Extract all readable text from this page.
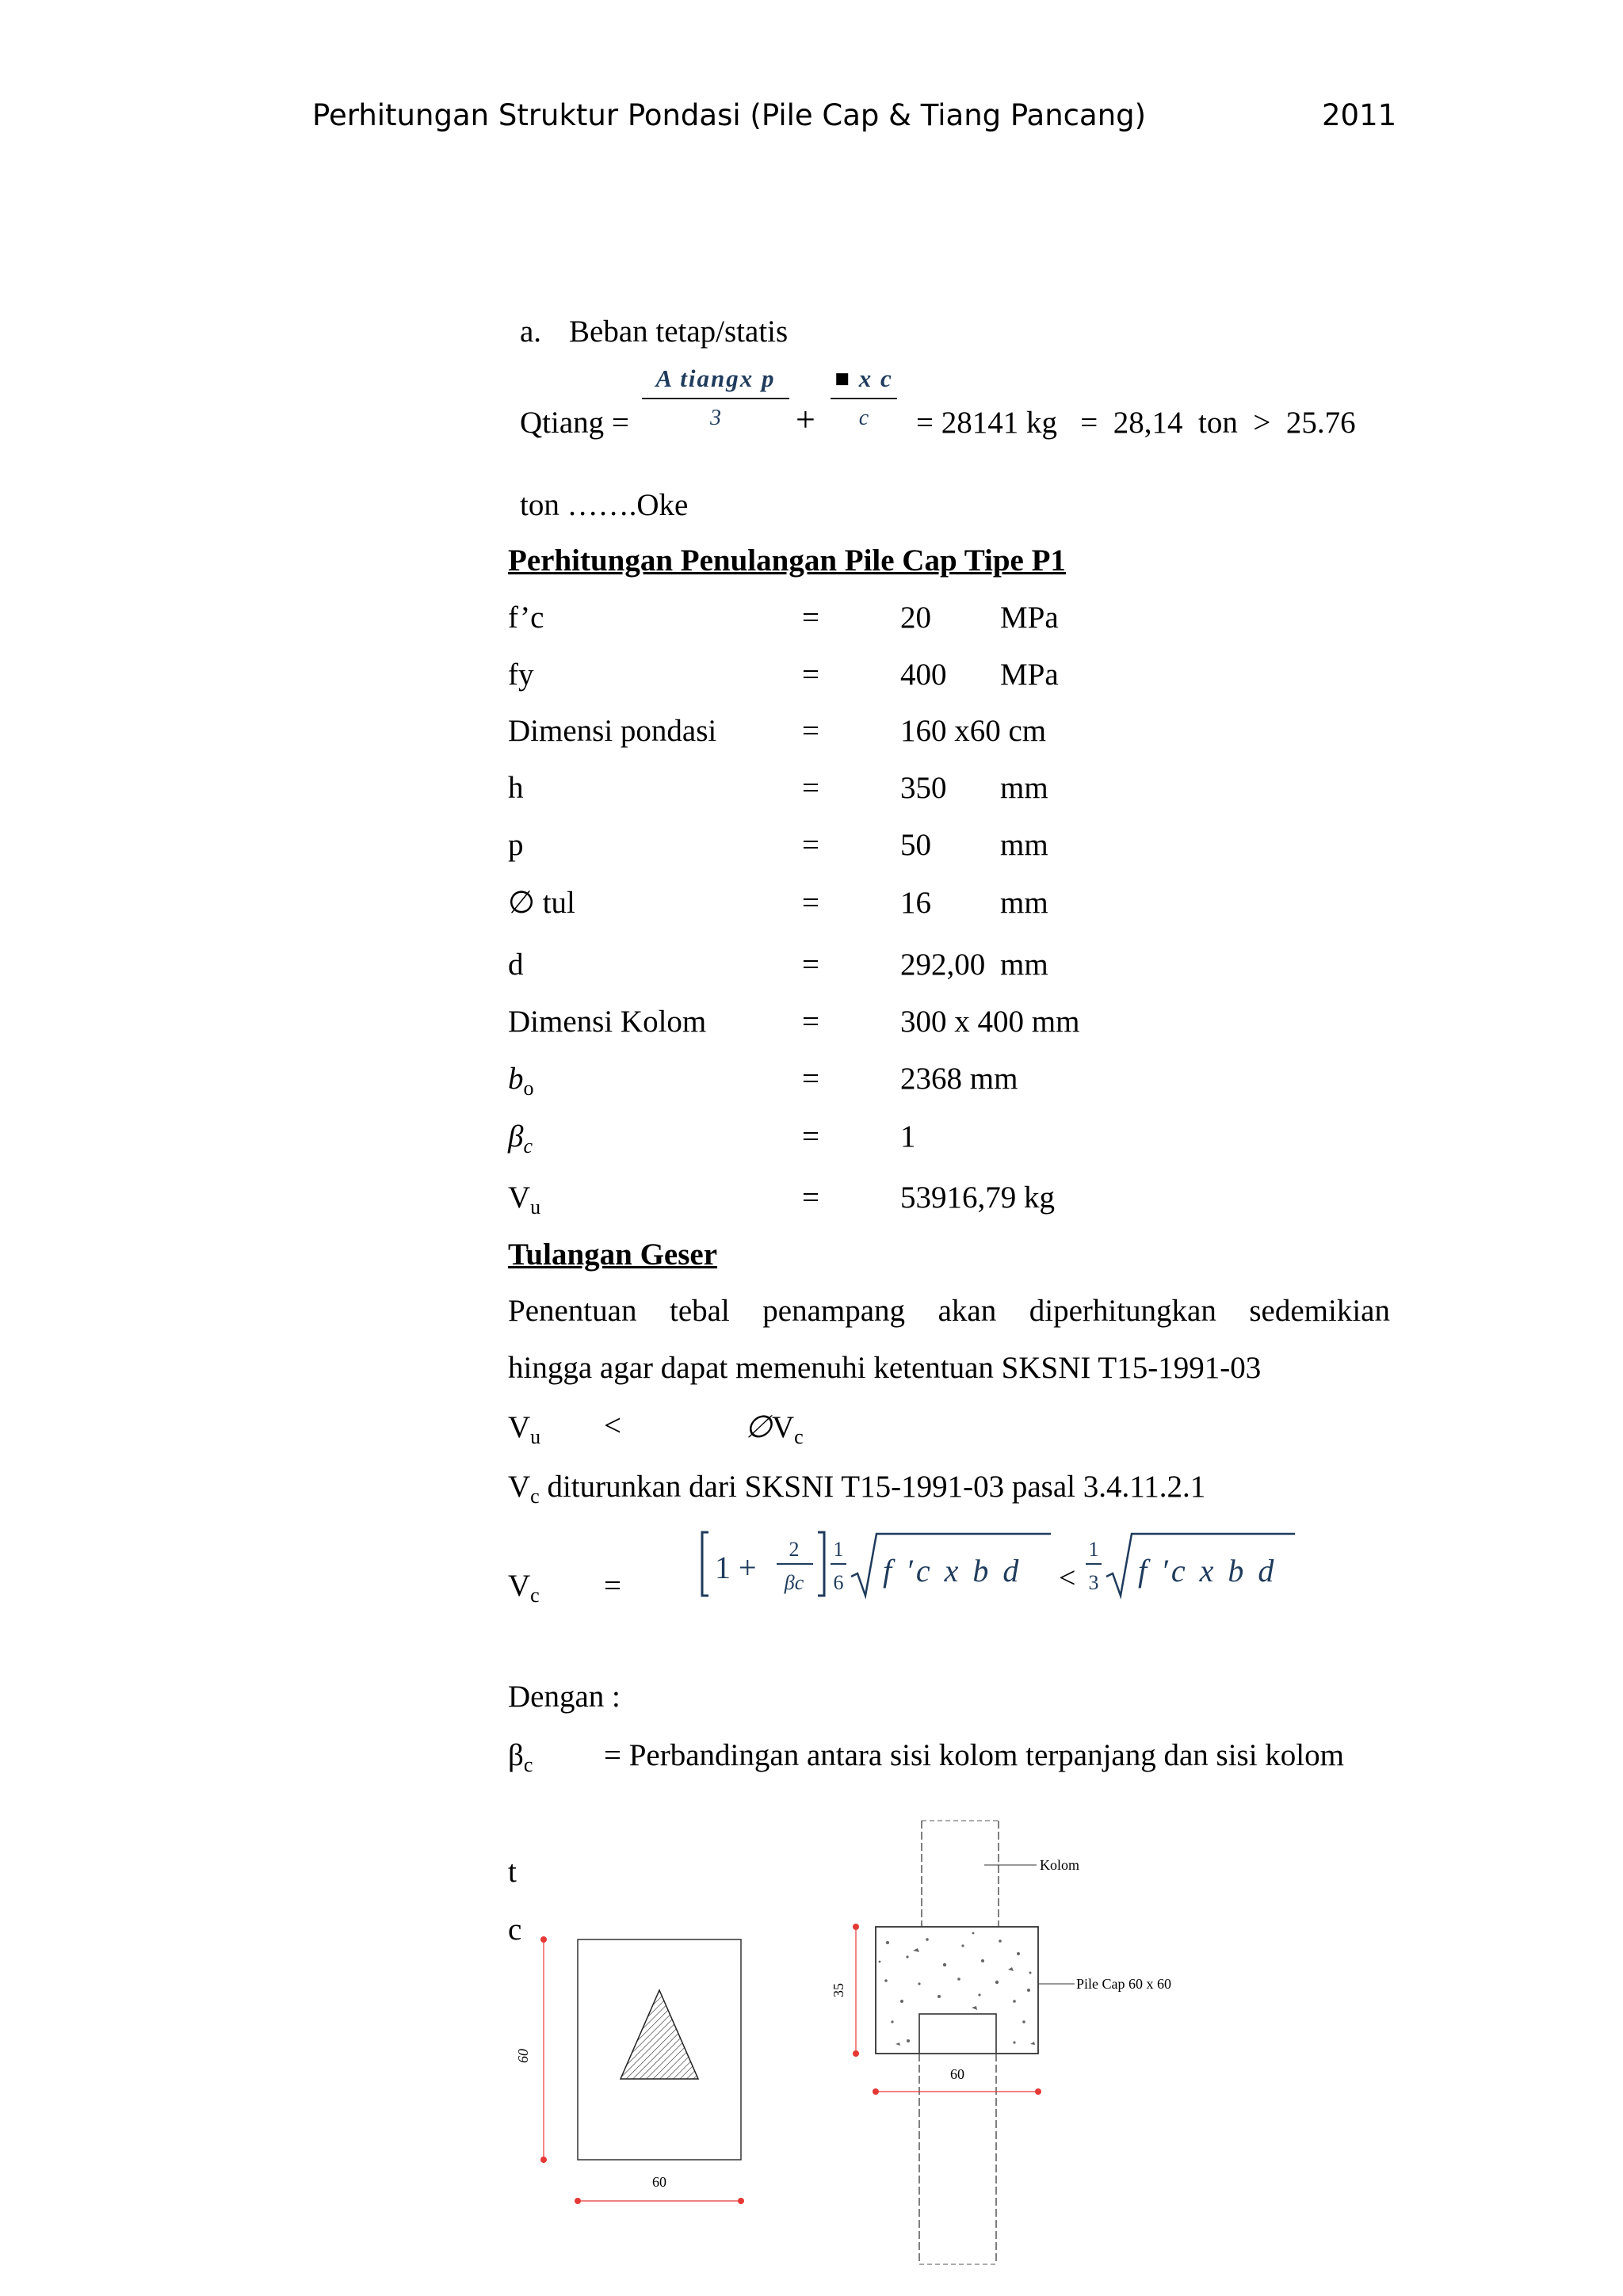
Perhitungan Struktur Pondasi (Pile Cap & Tiang Pancang)	2011
a. Beban tetap/statis
Qtiang =
A tiangx p
3	+
■ x c
c	= 28141 kg   =  28,14  ton  >  25.76
ton …….Oke
Perhitungan Penulangan Pile Cap Tipe P1
f’c	=	20 MPa
fy	=	400 MPa
Dimensi pondasi	=	160 x60 cm
h	=	350 mm
p	=	50 mm
∅ tul	=	16 mm
d	=	292,00 mm
Dimensi Kolom	=	300 x 400 mm
$b_o$	=	2368 mm
$\beta_c$	=	1
$V_u$	=	53916,79 kg
Tulangan Geser
Penentuan tebal penampang akan diperhitungkan sedemikian
hingga agar dapat memenuhi ketentuan SKSNI T15-1991-03
$V_u$ <	$\emptyset V_c$
$V_c$ diturunkan dari SKSNI T15-1991-03 pasal 3.4.11.2.1
$V_c$ =
1 +
2
βc
1
6 f ′c x b d <
1
3 f ′c x b d
Dengan :
$\beta_c$ = Perbandingan antara sisi kolom terpanjang dan sisi kolom
t
c
60
60
35
60
Kolom
Pile Cap 60 x 60
